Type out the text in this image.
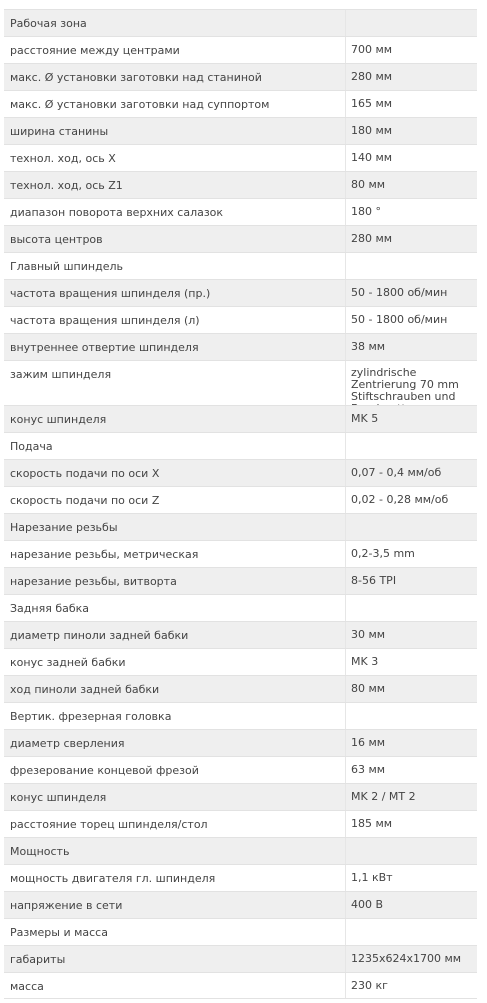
Рабочая зона
расстояние между центрами	700 мм
макс. Ø установки заготовки над станиной	280 мм
макс. Ø установки заготовки над суппортом	165 мм
ширина станины	180 мм
технол. ход, ось X	140 мм
технол. ход, ось Z1	80 мм
диапазон поворота верхних салазок	180 °
высота центров	280 мм
Главный шпиндель
частота вращения шпинделя (пр.)	50 - 1800 об/мин
частота вращения шпинделя (л)	50 - 1800 об/мин
внутреннее отвертие шпинделя	38 мм
зажим шпинделя	zylindrische Zentrierung 70 mm Stiftschrauben und
конус шпинделя	MK 5
Подача
скорость подачи по оси X	0,07 - 0,4 мм/об
скорость подачи по оси Z	0,02 - 0,28 мм/об
Нарезание резьбы
нарезание резьбы, метрическая	0,2-3,5 mm
нарезание резьбы, витворта	8-56 TPI
Задняя бабка
диаметр пиноли задней бабки	30 мм
конус задней бабки	MK 3
ход пиноли задней бабки	80 мм
Вертик. фрезерная головка
диаметр сверления	16 мм
фрезерование концевой фрезой	63 мм
конус шпинделя	MK 2 / MT 2
расстояние торец шпинделя/стол	185 мм
Мощность
мощность двигателя гл. шпинделя	1,1 кВт
напряжение в сети	400 В
Размеры и масса
габариты	1235x624x1700 мм
масса	230 кг
